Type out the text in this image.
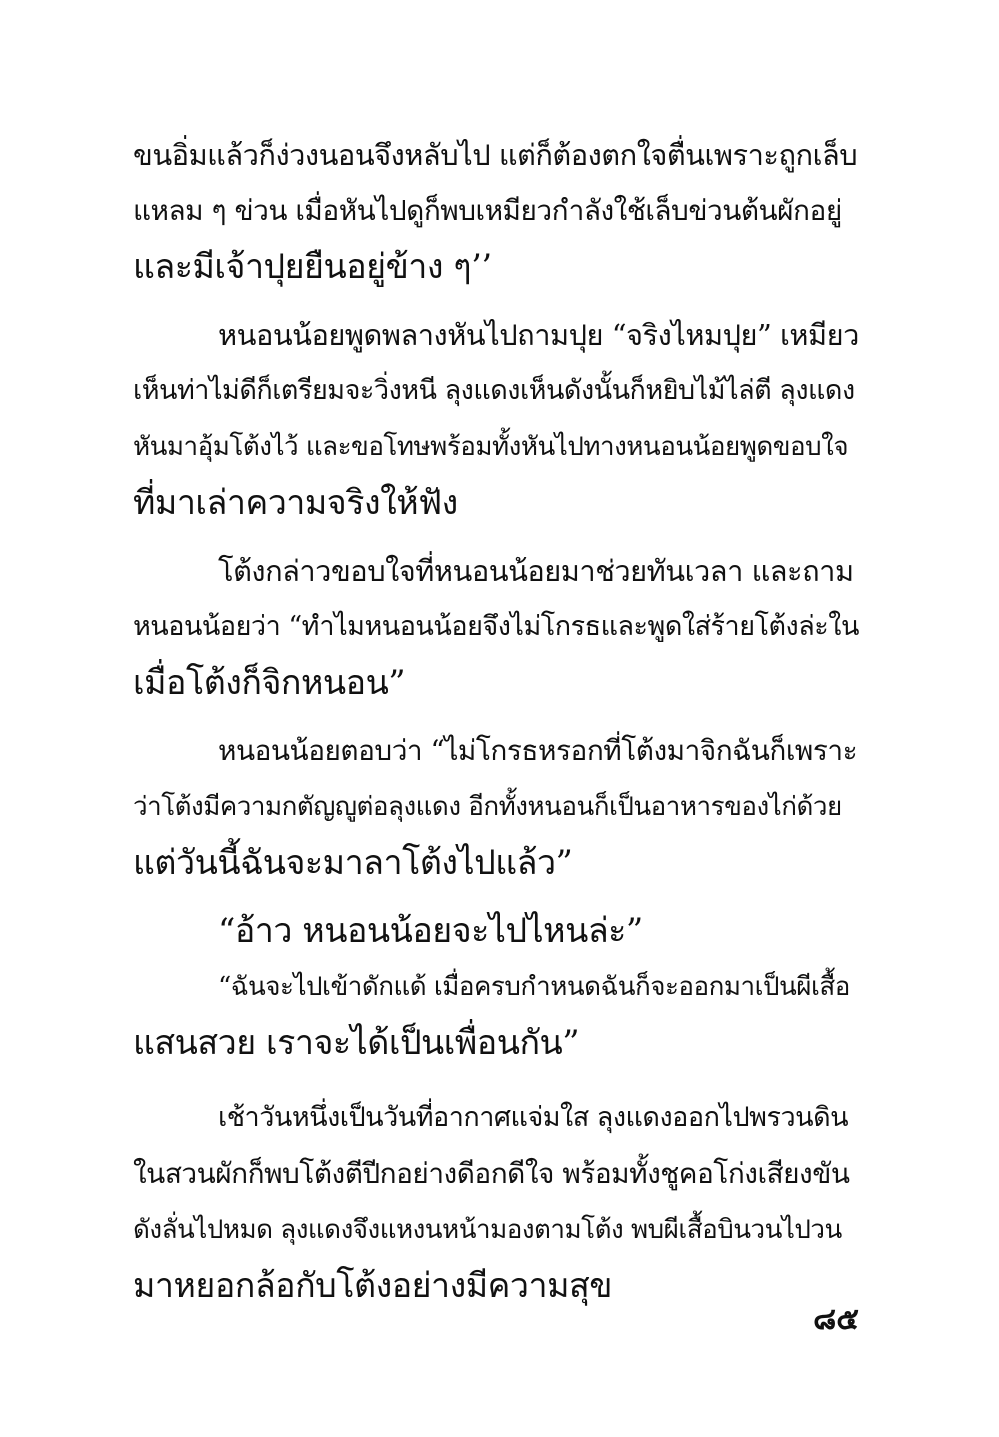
ขนอิ่มแล้วก็ง่วงนอนจึงหลับไป แต่ก็ต้องตกใจตื่นเพราะถูกเล็บ
แหลม ๆ ข่วน เมื่อหันไปดูก็พบเหมียวกำลังใช้เล็บข่วนต้นผักอยู่
และมีเจ้าปุยยืนอยู่ข้าง ๆ’’
หนอนน้อยพูดพลางหันไปถามปุย “จริงไหมปุย” เหมียว
เห็นท่าไม่ดีก็เตรียมจะวิ่งหนี ลุงแดงเห็นดังนั้นก็หยิบไม้ไล่ตี ลุงแดง
หันมาอุ้มโต้งไว้ และขอโทษพร้อมทั้งหันไปทางหนอนน้อยพูดขอบใจ
ที่มาเล่าความจริงให้ฟัง
โต้งกล่าวขอบใจที่หนอนน้อยมาช่วยทันเวลา และถาม
หนอนน้อยว่า “ทำไมหนอนน้อยจึงไม่โกรธและพูดใส่ร้ายโต้งล่ะใน
เมื่อโต้งก็จิกหนอน”
หนอนน้อยตอบว่า “ไม่โกรธหรอกที่โต้งมาจิกฉันก็เพราะ
ว่าโต้งมีความกตัญญูต่อลุงแดง อีกทั้งหนอนก็เป็นอาหารของไก่ด้วย
แต่วันนี้ฉันจะมาลาโต้งไปแล้ว”
“อ้าว หนอนน้อยจะไปไหนล่ะ”
“ฉันจะไปเข้าดักแด้ เมื่อครบกำหนดฉันก็จะออกมาเป็นผีเสื้อ
แสนสวย เราจะได้เป็นเพื่อนกัน”
เช้าวันหนึ่งเป็นวันที่อากาศแจ่มใส ลุงแดงออกไปพรวนดิน
ในสวนผักก็พบโต้งตีปีกอย่างดีอกดีใจ พร้อมทั้งชูคอโก่งเสียงขัน
ดังลั่นไปหมด ลุงแดงจึงแหงนหน้ามองตามโต้ง พบผีเสื้อบินวนไปวน
มาหยอกล้อกับโต้งอย่างมีความสุข
๘๕
